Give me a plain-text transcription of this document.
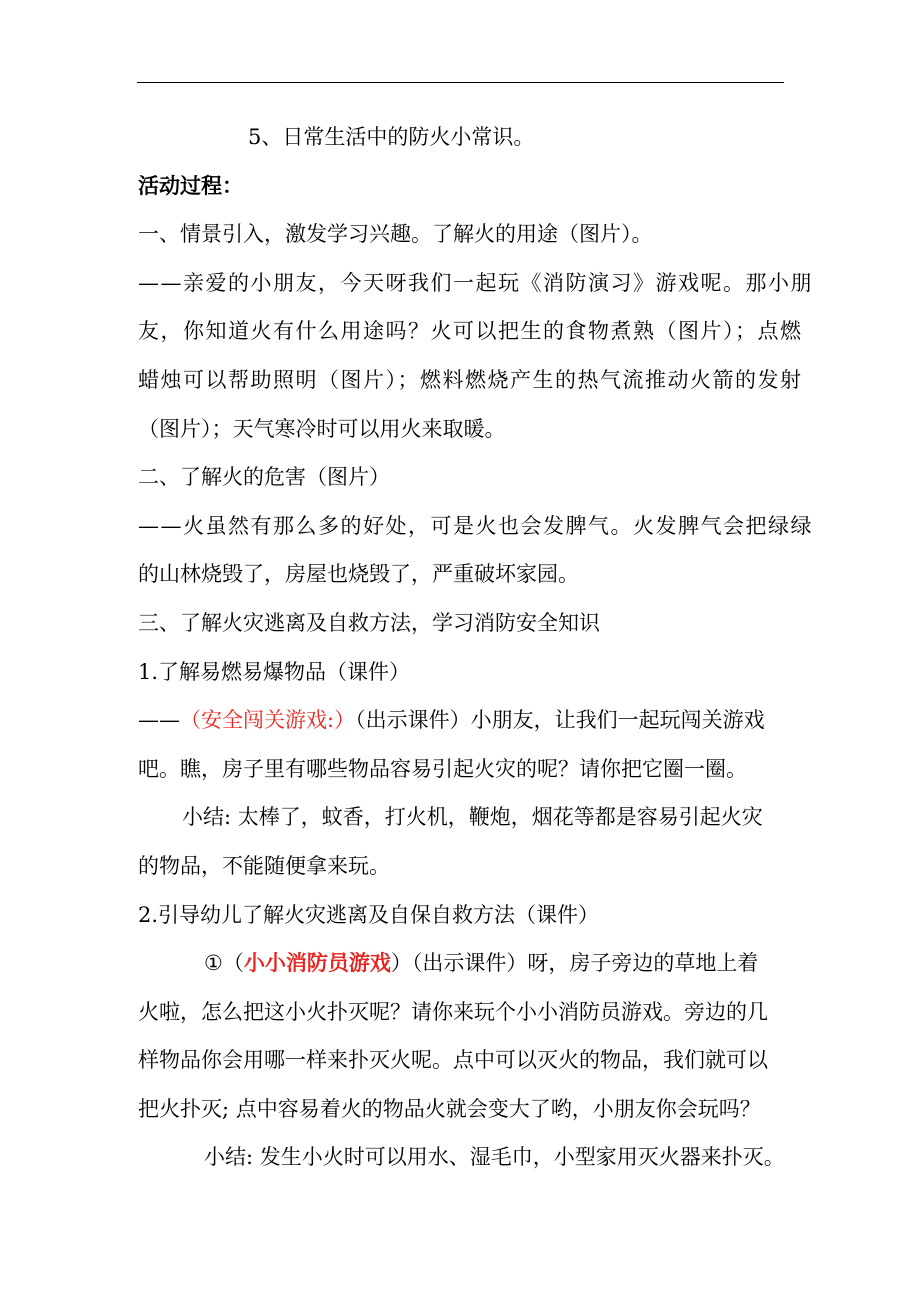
5、日常生活中的防火小常识。
活动过程：
一、情景引入，激发学习兴趣。了解火的用途（图片）。
——亲爱的小朋友，今天呀我们一起玩《消防演习》游戏呢。那小朋
友，你知道火有什么用途吗？火可以把生的食物煮熟（图片）；点燃
蜡烛可以帮助照明（图片）；燃料燃烧产生的热气流推动火箭的发射
（图片）；天气寒冷时可以用火来取暖。
二、了解火的危害（图片）
——火虽然有那么多的好处，可是火也会发脾气。火发脾气会把绿绿
的山林烧毁了，房屋也烧毁了，严重破坏家园。
三、了解火灾逃离及自救方法，学习消防安全知识
1.了解易燃易爆物品（课件）
——（安全闯关游戏:）（出示课件）小朋友，让我们一起玩闯关游戏
吧。瞧，房子里有哪些物品容易引起火灾的呢？请你把它圈一圈。
小结: 太棒了，蚊香，打火机，鞭炮，烟花等都是容易引起火灾
的物品，不能随便拿来玩。
2.引导幼儿了解火灾逃离及自保自救方法（课件）
①（小小消防员游戏）（出示课件）呀，房子旁边的草地上着
火啦，怎么把这小火扑灭呢？请你来玩个小小消防员游戏。旁边的几
样物品你会用哪一样来扑灭火呢。点中可以灭火的物品，我们就可以
把火扑灭; 点中容易着火的物品火就会变大了哟，小朋友你会玩吗？
小结: 发生小火时可以用水、湿毛巾，小型家用灭火器来扑灭。
